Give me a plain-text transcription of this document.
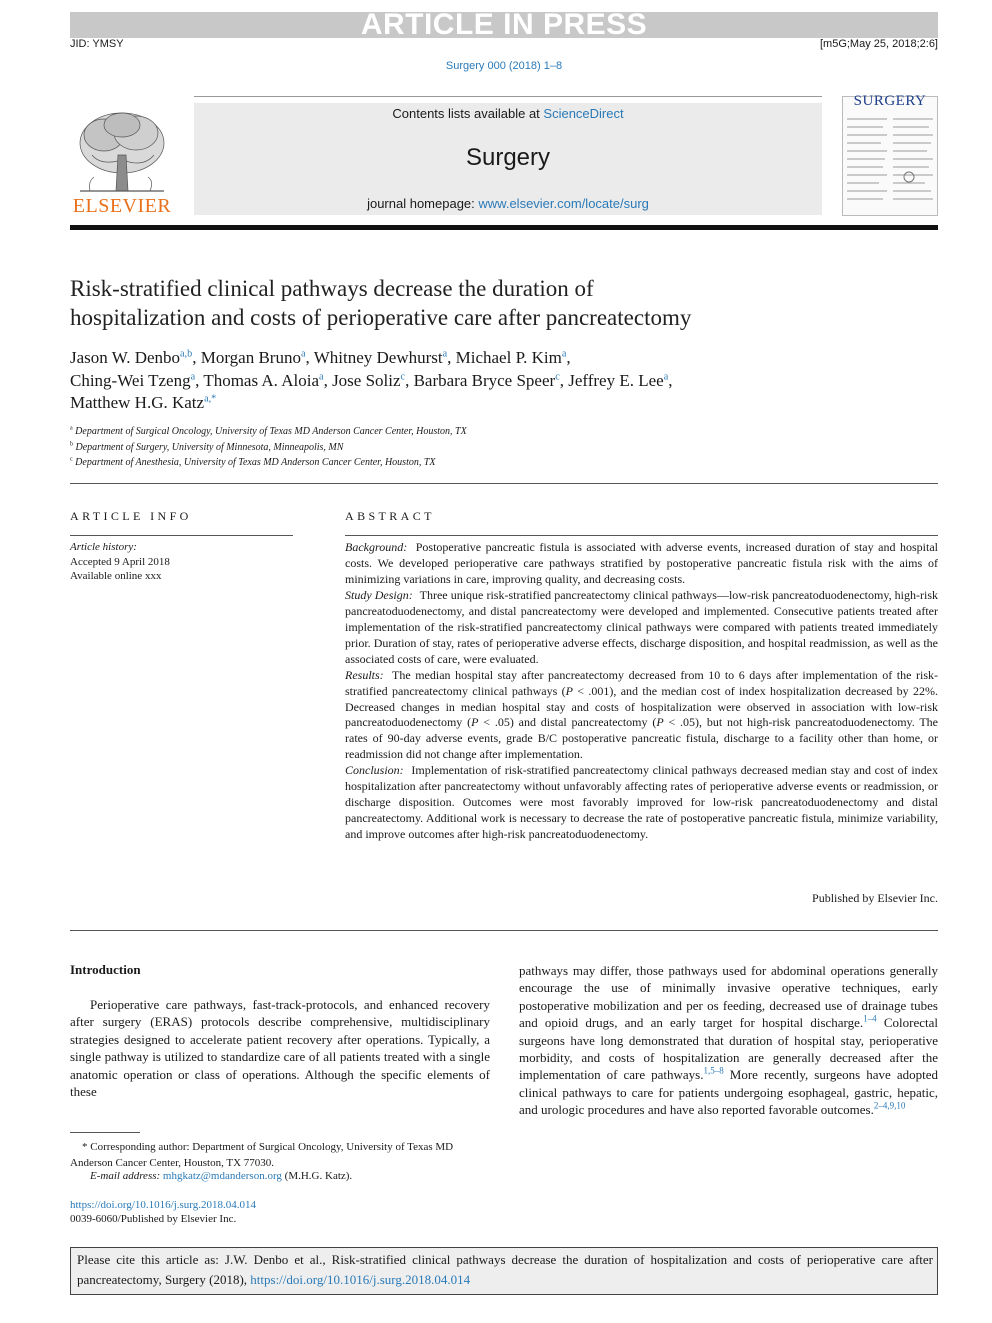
ARTICLE IN PRESS
JID: YMSY	[m5G;May 25, 2018;2:6]
Surgery 000 (2018) 1–8
Contents lists available at ScienceDirect
Surgery
journal homepage: www.elsevier.com/locate/surg
ELSEVIER
SURGERY
Risk-stratified clinical pathways decrease the duration of
hospitalization and costs of perioperative care after pancreatectomy
Jason W. Denbo$^{a,b}$, Morgan Bruno$^a$, Whitney Dewhurst$^a$, Michael P. Kim$^a$,
Ching-Wei Tzeng$^a$, Thomas A. Aloia$^a$, Jose Soliz$^c$, Barbara Bryce Speer$^c$, Jeffrey E. Lee$^a$,
Matthew H.G. Katz$^{a,*}$
$^a$ Department of Surgical Oncology, University of Texas MD Anderson Cancer Center, Houston, TX
$^b$ Department of Surgery, University of Minnesota, Minneapolis, MN
$^c$ Department of Anesthesia, University of Texas MD Anderson Cancer Center, Houston, TX
ARTICLE INFO
Article history:
Accepted 9 April 2018
Available online xxx
ABSTRACT

Background: Postoperative pancreatic fistula is associated with adverse events, increased duration of stay and hospital costs. We developed perioperative care pathways stratified by postoperative pancreatic fistula risk with the aims of minimizing variations in care, improving quality, and decreasing costs.

Study Design: Three unique risk-stratified pancreatectomy clinical pathways—low-risk pancreatoduodenectomy, high-risk pancreatoduodenectomy, and distal pancreatectomy were developed and implemented. Consecutive patients treated after implementation of the risk-stratified pancreatectomy clinical pathways were compared with patients treated immediately prior. Duration of stay, rates of perioperative adverse effects, discharge disposition, and hospital readmission, as well as the associated costs of care, were evaluated.

Results: The median hospital stay after pancreatectomy decreased from 10 to 6 days after implementation of the risk-stratified pancreatectomy clinical pathways (P < .001), and the median cost of index hospitalization decreased by 22%. Decreased changes in median hospital stay and costs of hospitalization were observed in association with low-risk pancreatoduodenectomy (P < .05) and distal pancreatectomy (P < .05), but not high-risk pancreatoduodenectomy. The rates of 90-day adverse events, grade B/C postoperative pancreatic fistula, discharge to a facility other than home, or readmission did not change after implementation.

Conclusion: Implementation of risk-stratified pancreatectomy clinical pathways decreased median stay and cost of index hospitalization after pancreatectomy without unfavorably affecting rates of perioperative adverse events or readmission, or discharge disposition. Outcomes were most favorably improved for low-risk pancreatoduodenectomy and distal pancreatectomy. Additional work is necessary to decrease the rate of postoperative pancreatic fistula, minimize variability, and improve outcomes after high-risk pancreatoduodenectomy.

Published by Elsevier Inc.
Introduction
Perioperative care pathways, fast-track-protocols, and enhanced recovery after surgery (ERAS) protocols describe comprehensive, multidisciplinary strategies designed to accelerate patient recovery after operations. Typically, a single pathway is utilized to standardize care of all patients treated with a single anatomic operation or class of operations. Although the specific elements of these
pathways may differ, those pathways used for abdominal operations generally encourage the use of minimally invasive operative techniques, early postoperative mobilization and per os feeding, decreased use of drainage tubes and opioid drugs, and an early target for hospital discharge.$^{1-4}$ Colorectal surgeons have long demonstrated that duration of hospital stay, perioperative morbidity, and costs of hospitalization are generally decreased after the implementation of care pathways.$^{1,5-8}$ More recently, surgeons have adopted clinical pathways to care for patients undergoing esophageal, gastric, hepatic, and urologic procedures and have also reported favorable outcomes.$^{2-4,9,10}$
* Corresponding author: Department of Surgical Oncology, University of Texas MD Anderson Cancer Center, Houston, TX 77030.
E-mail address: mhgkatz@mdanderson.org (M.H.G. Katz).
https://doi.org/10.1016/j.surg.2018.04.014
0039-6060/Published by Elsevier Inc.
Please cite this article as: J.W. Denbo et al., Risk-stratified clinical pathways decrease the duration of hospitalization and costs of perioperative care after pancreatectomy, Surgery (2018), https://doi.org/10.1016/j.surg.2018.04.014
